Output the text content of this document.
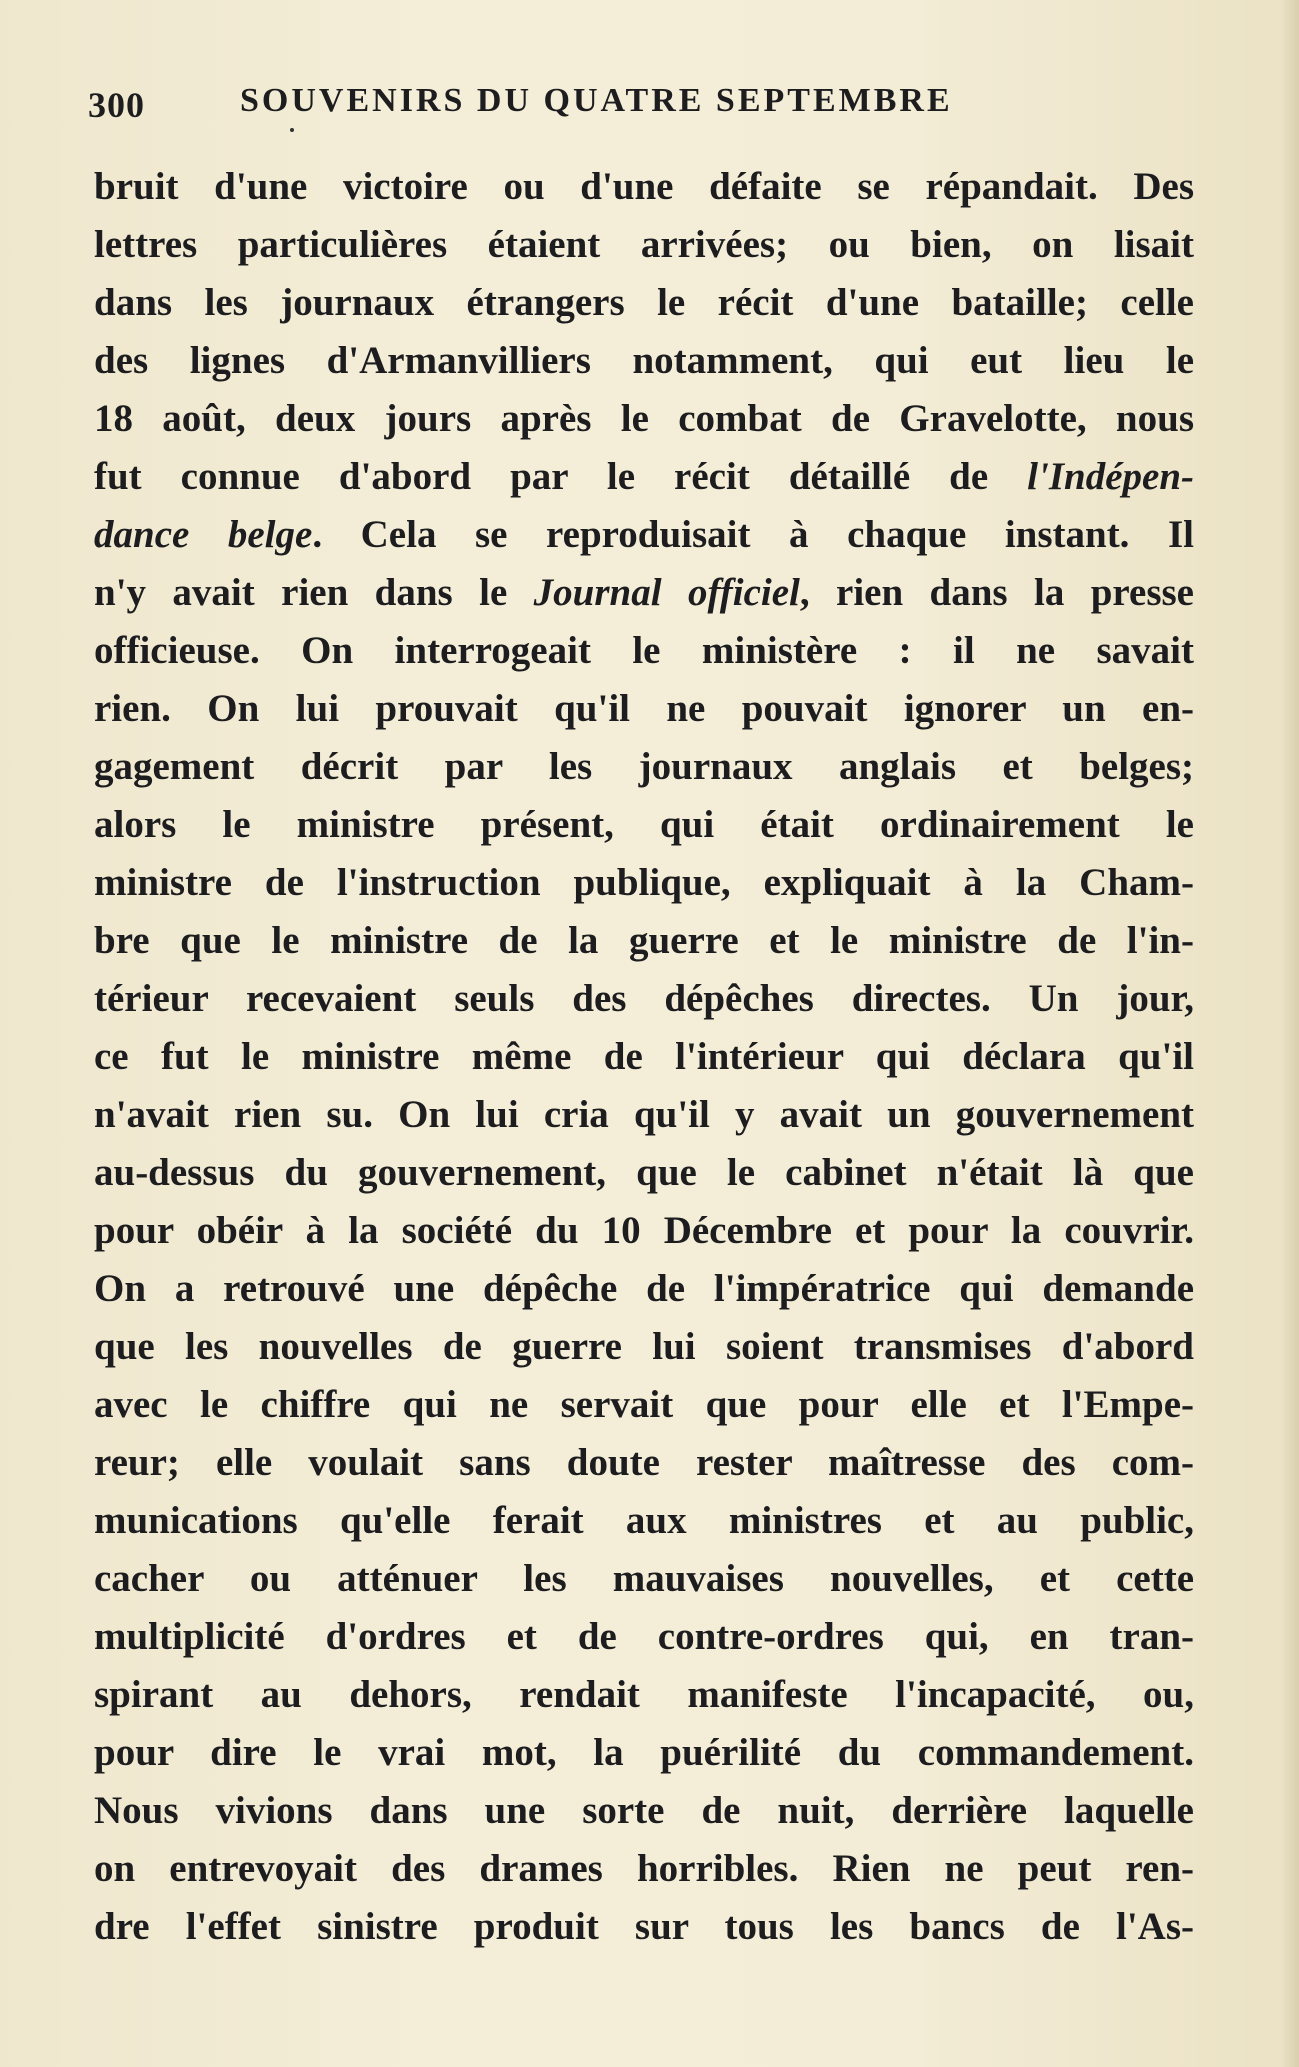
300	SOUVENIRS DU QUATRE SEPTEMBRE
bruit d'une victoire ou d'une défaite se répandait. Des
lettres particulières étaient arrivées; ou bien, on lisait
dans les journaux étrangers le récit d'une bataille; celle
des lignes d'Armanvilliers notamment, qui eut lieu le
18 août, deux jours après le combat de Gravelotte, nous
fut connue d'abord par le récit détaillé de l'Indépen-
dance belge. Cela se reproduisait à chaque instant. Il
n'y avait rien dans le Journal officiel, rien dans la presse
officieuse. On interrogeait le ministère : il ne savait
rien. On lui prouvait qu'il ne pouvait ignorer un en-
gagement décrit par les journaux anglais et belges;
alors le ministre présent, qui était ordinairement le
ministre de l'instruction publique, expliquait à la Cham-
bre que le ministre de la guerre et le ministre de l'in-
térieur recevaient seuls des dépêches directes. Un jour,
ce fut le ministre même de l'intérieur qui déclara qu'il
n'avait rien su. On lui cria qu'il y avait un gouvernement
au-dessus du gouvernement, que le cabinet n'était là que
pour obéir à la société du 10 Décembre et pour la couvrir.
On a retrouvé une dépêche de l'impératrice qui demande
que les nouvelles de guerre lui soient transmises d'abord
avec le chiffre qui ne servait que pour elle et l'Empe-
reur; elle voulait sans doute rester maîtresse des com-
munications qu'elle ferait aux ministres et au public,
cacher ou atténuer les mauvaises nouvelles, et cette
multiplicité d'ordres et de contre-ordres qui, en tran-
spirant au dehors, rendait manifeste l'incapacité, ou,
pour dire le vrai mot, la puérilité du commandement.
Nous vivions dans une sorte de nuit, derrière laquelle
on entrevoyait des drames horribles. Rien ne peut ren-
dre l'effet sinistre produit sur tous les bancs de l'As-
